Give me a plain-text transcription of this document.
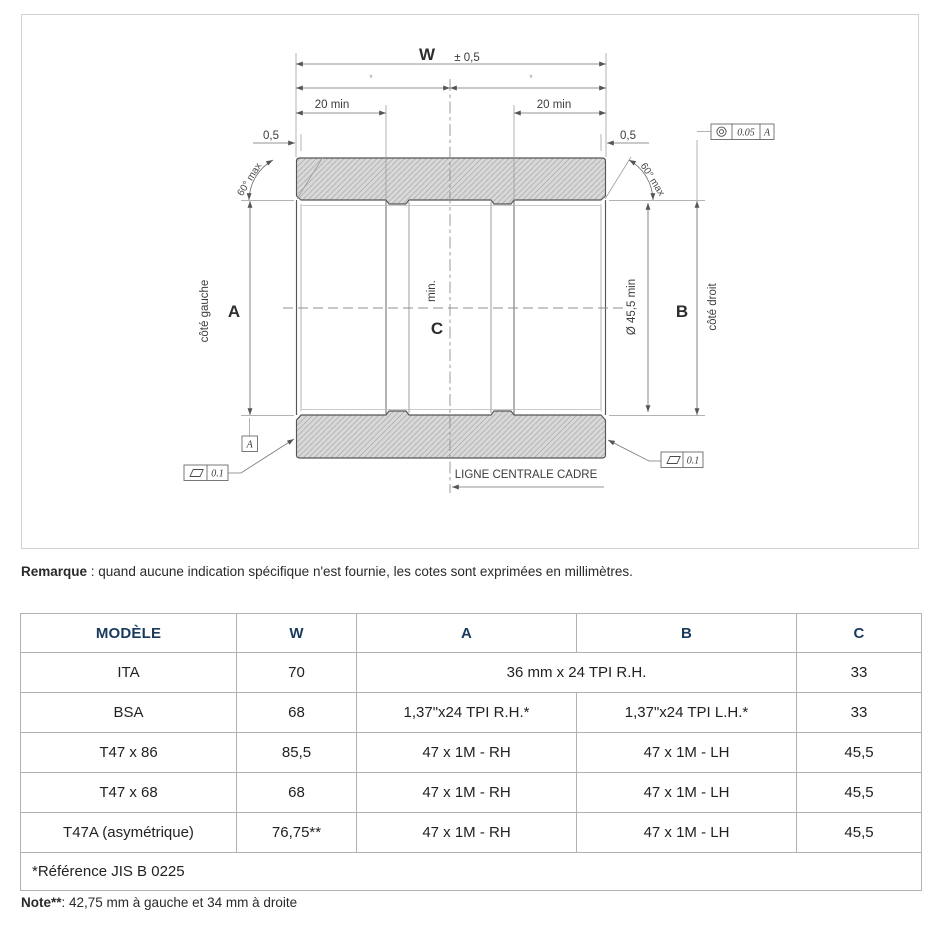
0.05 A
0.1
0.1
A
W ± 0,5
*	*
20 min	20 min
0,5	0,5
60° max	60° max
A	B
C
min.	Ø 45,5 min
côté gauche	côté droit
LIGNE CENTRALE CADRE
Remarque : quand aucune indication spécifique n'est fournie, les cotes sont exprimées en millimètres.
MODÈLE	W	A	B	C
ITA	70	36 mm x 24 TPI R.H.		33
BSA	68	1,37"x24 TPI R.H.*	1,37"x24 TPI L.H.*	33
T47 x 86	85,5	47 x 1M - RH	47 x 1M - LH	45,5
T47 x 68	68	47 x 1M - RH	47 x 1M - LH	45,5
T47A (asymétrique)	76,75**	47 x 1M - RH	47 x 1M - LH	45,5
*Référence JIS B 0225				
Note**: 42,75 mm à gauche et 34 mm à droite
